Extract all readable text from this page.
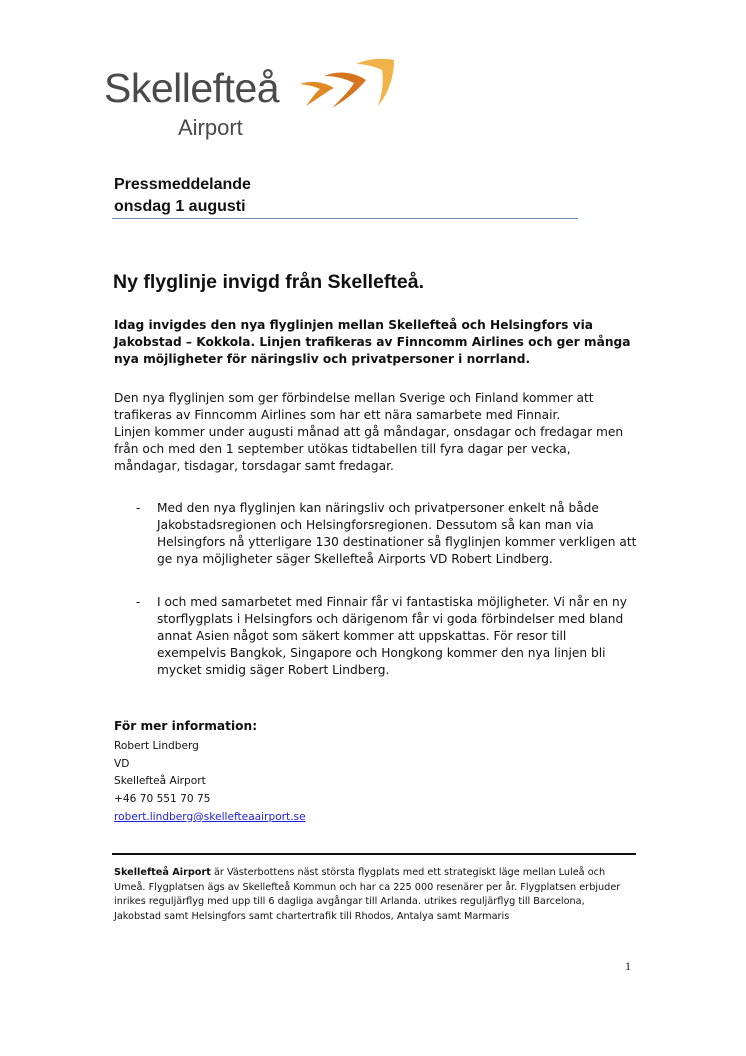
Skellefteå
Airport
Pressmeddelande
onsdag 1 augusti
Ny flyglinje invigd från Skellefteå.
Idag invigdes den nya flyglinjen mellan Skellefteå och Helsingfors via Jakobstad – Kokkola. Linjen trafikeras av Finncomm Airlines och ger många nya möjligheter för näringsliv och privatpersoner i norrland.
Den nya flyglinjen som ger förbindelse mellan Sverige och Finland kommer att trafikeras av Finncomm Airlines som har ett nära samarbete med Finnair.
Linjen kommer under augusti månad att gå måndagar, onsdagar och fredagar men från och med den 1 september utökas tidtabellen till fyra dagar per vecka, måndagar, tisdagar, torsdagar samt fredagar.
- Med den nya flyglinjen kan näringsliv och privatpersoner enkelt nå både Jakobstadsregionen och Helsingforsregionen. Dessutom så kan man via Helsingfors nå ytterligare 130 destinationer så flyglinjen kommer verkligen att ge nya möjligheter säger Skellefteå Airports VD Robert Lindberg.
- I och med samarbetet med Finnair får vi fantastiska möjligheter. Vi når en ny storflygplats i Helsingfors och därigenom får vi goda förbindelser med bland annat Asien något som säkert kommer att uppskattas. För resor till exempelvis Bangkok, Singapore och Hongkong kommer den nya linjen bli mycket smidig säger Robert Lindberg.
För mer information:
Robert Lindberg
VD
Skellefteå Airport
+46 70 551 70 75
robert.lindberg@skellefteaairport.se
Skellefteå Airport är Västerbottens näst största flygplats med ett strategiskt läge mellan Luleå och Umeå. Flygplatsen ägs av Skellefteå Kommun och har ca 225 000 resenärer per år. Flygplatsen erbjuder inrikes reguljärflyg med upp till 6 dagliga avgångar till Arlanda. utrikes reguljärflyg till Barcelona, Jakobstad samt Helsingfors samt chartertrafik till Rhodos, Antalya samt Marmaris
1
